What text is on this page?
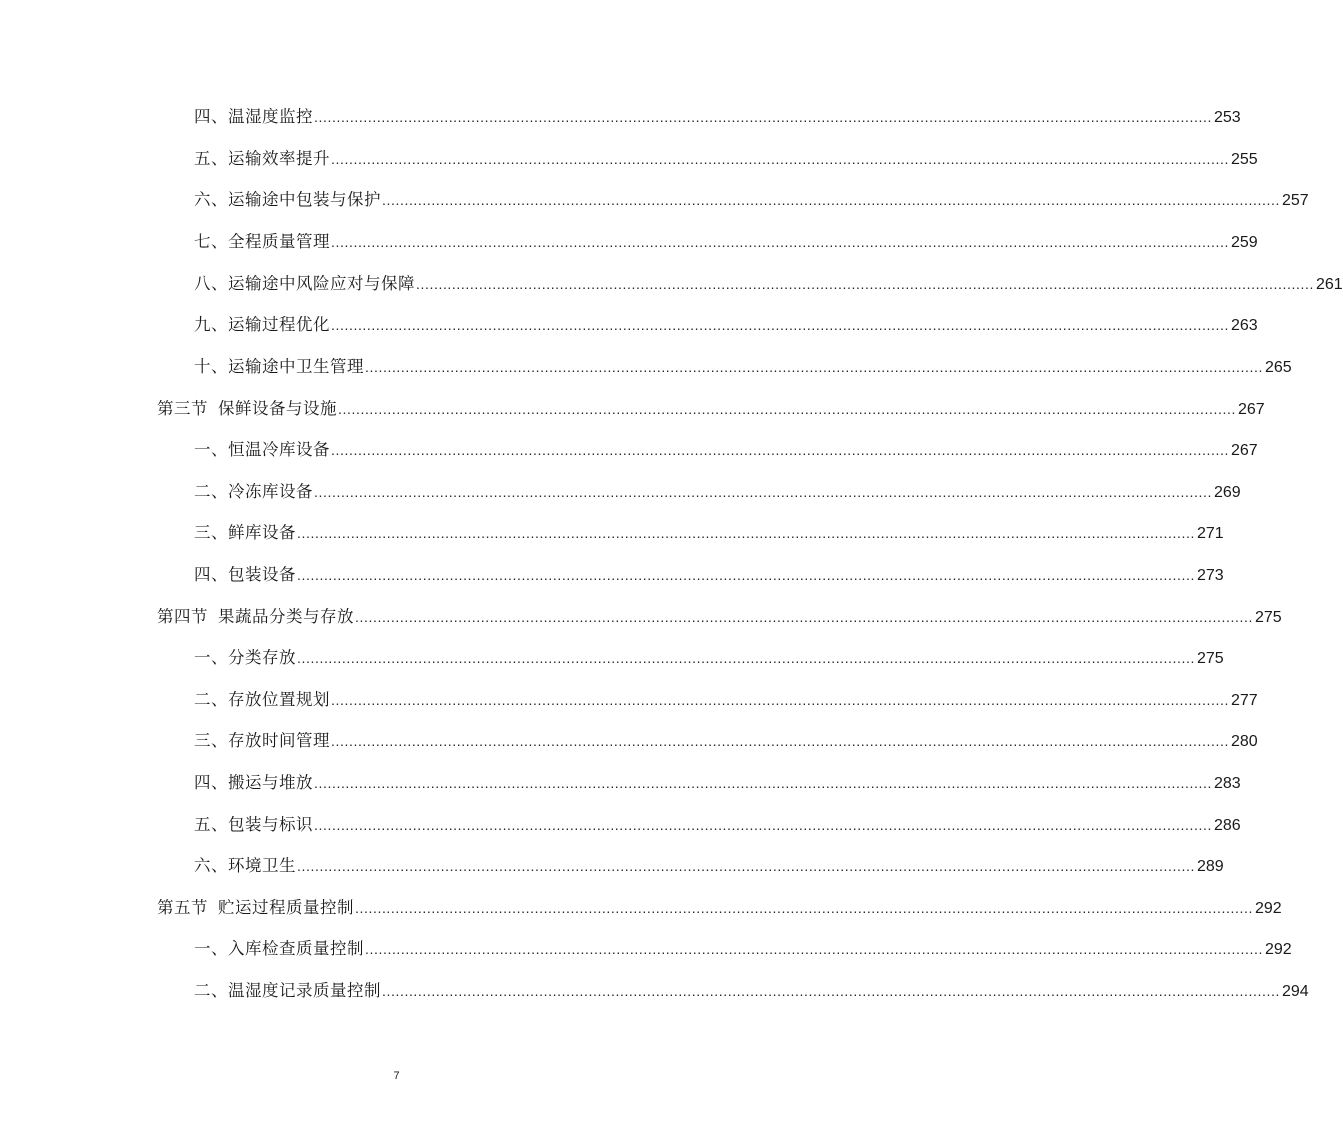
四、温湿度监控 ........................................................................................................................................................................................................ 253
五、运输效率提升 ........................................................................................................................................................................................................ 255
六、运输途中包装与保护 ........................................................................................................................................................................................................ 257
七、全程质量管理 ........................................................................................................................................................................................................ 259
八、运输途中风险应对与保障 ........................................................................................................................................................................................................ 261
九、运输过程优化 ........................................................................................................................................................................................................ 263
十、运输途中卫生管理 ........................................................................................................................................................................................................ 265
第三节 保鲜设备与设施 ........................................................................................................................................................................................................ 267
一、恒温冷库设备 ........................................................................................................................................................................................................ 267
二、冷冻库设备 ........................................................................................................................................................................................................ 269
三、鲜库设备 ........................................................................................................................................................................................................ 271
四、包装设备 ........................................................................................................................................................................................................ 273
第四节 果蔬品分类与存放 ........................................................................................................................................................................................................ 275
一、分类存放 ........................................................................................................................................................................................................ 275
二、存放位置规划 ........................................................................................................................................................................................................ 277
三、存放时间管理 ........................................................................................................................................................................................................ 280
四、搬运与堆放 ........................................................................................................................................................................................................ 283
五、包装与标识 ........................................................................................................................................................................................................ 286
六、环境卫生 ........................................................................................................................................................................................................ 289
第五节 贮运过程质量控制 ........................................................................................................................................................................................................ 292
一、入库检查质量控制 ........................................................................................................................................................................................................ 292
二、温湿度记录质量控制 ........................................................................................................................................................................................................ 294
7
